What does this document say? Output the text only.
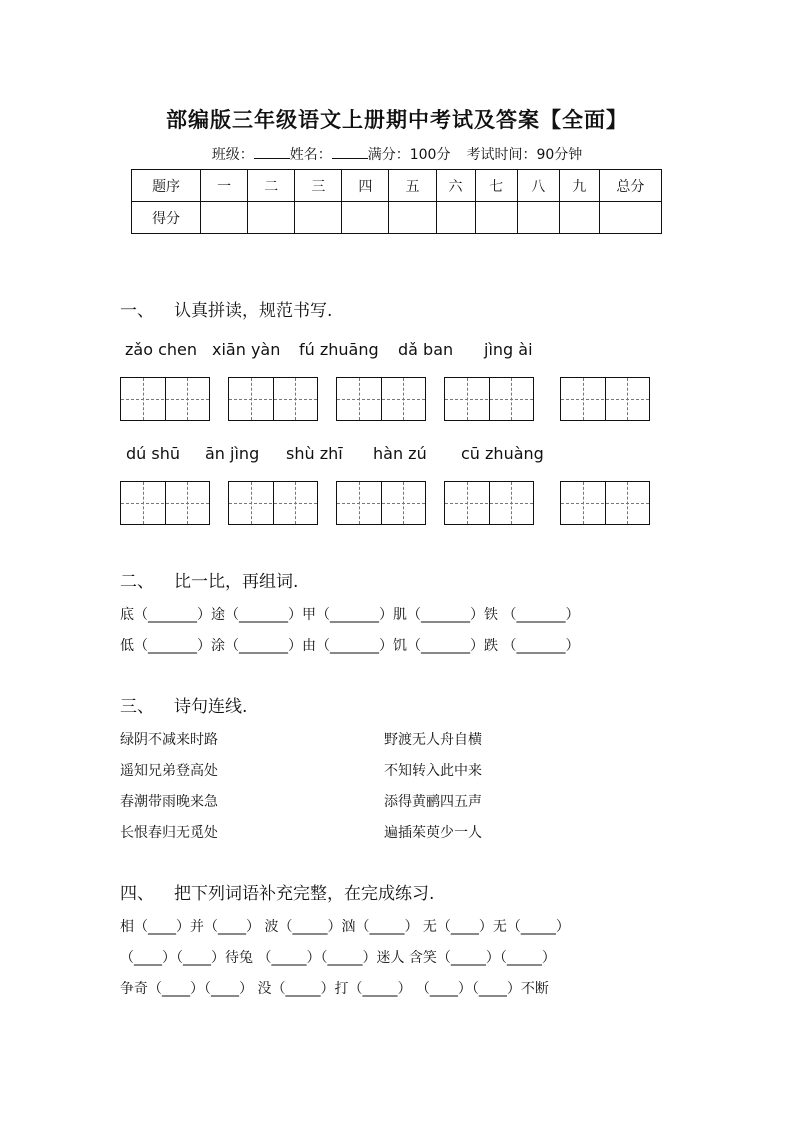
部编版三年级语文上册期中考试及答案【全面】
班级：	姓名：	满分：100分 考试时间：90分钟
题序	一	二	三	四	五	六	七	八	九	总分
得分										
一、 认真拼读，规范书写.
zǎo chen xiān yàn fú zhuāng dǎ ban jìng ài
dú shū ān jìng shù zhī hàn zú cū zhuàng
二、 比一比，再组词.
底（_______）途（_______）甲（_______）肌（_______）铁 （_______）
低（_______）涂（_______）由（_______）饥（_______）跌 （_______）
三、 诗句连线.
绿阴不减来时路
遥知兄弟登高处
春潮带雨晚来急
长恨春归无觅处
野渡无人舟自横
不知转入此中来
添得黄鹂四五声
遍插茱萸少一人
四、 把下列词语补充完整，在完成练习.
相（____）并（____） 波（_____）汹（_____） 无（____）无（_____）
（____）（____）待兔 （_____）（_____）迷人 含笑（_____）（_____）
争奇（____）（____） 没（_____）打（_____） （____）（____）不断
